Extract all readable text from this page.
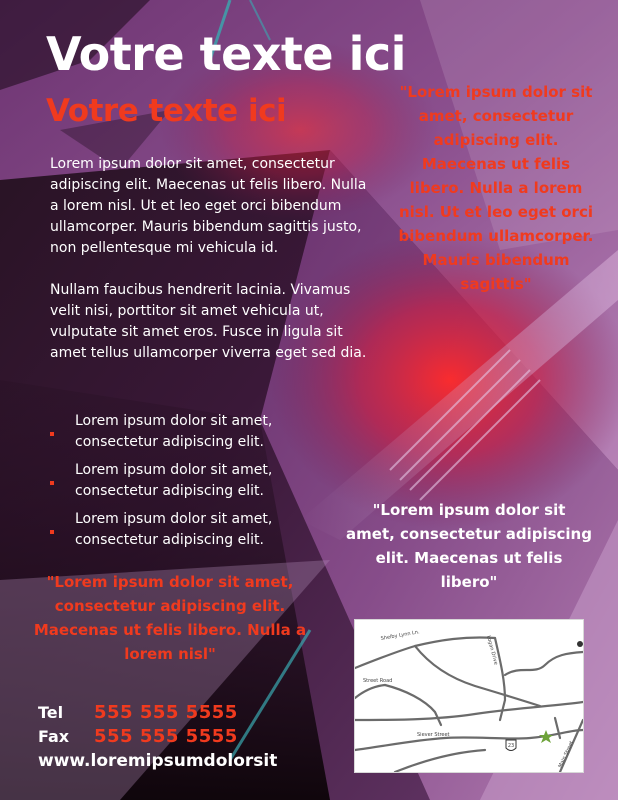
Votre texte ici
Votre texte ici

Lorem ipsum dolor sit amet, consectetur adipiscing elit. Maecenas ut felis libero. Nulla a lorem nisl. Ut et leo eget orci bibendum ullamcorper. Mauris bibendum sagittis justo, non pellentesque mi vehicula id.

Nullam faucibus hendrerit lacinia. Vivamus velit nisi, porttitor sit amet vehicula ut, vulputate sit amet eros. Fusce in ligula sit amet tellus ullamcorper viverra eget sed dia.

Lorem ipsum dolor sit amet, consectetur adipiscing elit.
Lorem ipsum dolor sit amet, consectetur adipiscing elit.
Lorem ipsum dolor sit amet, consectetur adipiscing elit.
"Lorem ipsum dolor sit amet, consectetur adipiscing elit. Maecenas ut felis libero. Nulla a lorem nisl. Ut et leo eget orci bibendum ullamcorper. Mauris bibendum sagittis"
"Lorem ipsum dolor sit amet, consectetur adipiscing elit. Maecenas ut felis libero"
"Lorem ipsum dolor sit amet, consectetur adipiscing elit. Maecenas ut felis libero. Nulla a lorem nisl"
Tel	555 555 5555
Fax	555 555 5555
www.loremipsumdolorsit
Shelby Lynn Ln.	Logan Drive
Street Road
Siever Street
Main Street
23
